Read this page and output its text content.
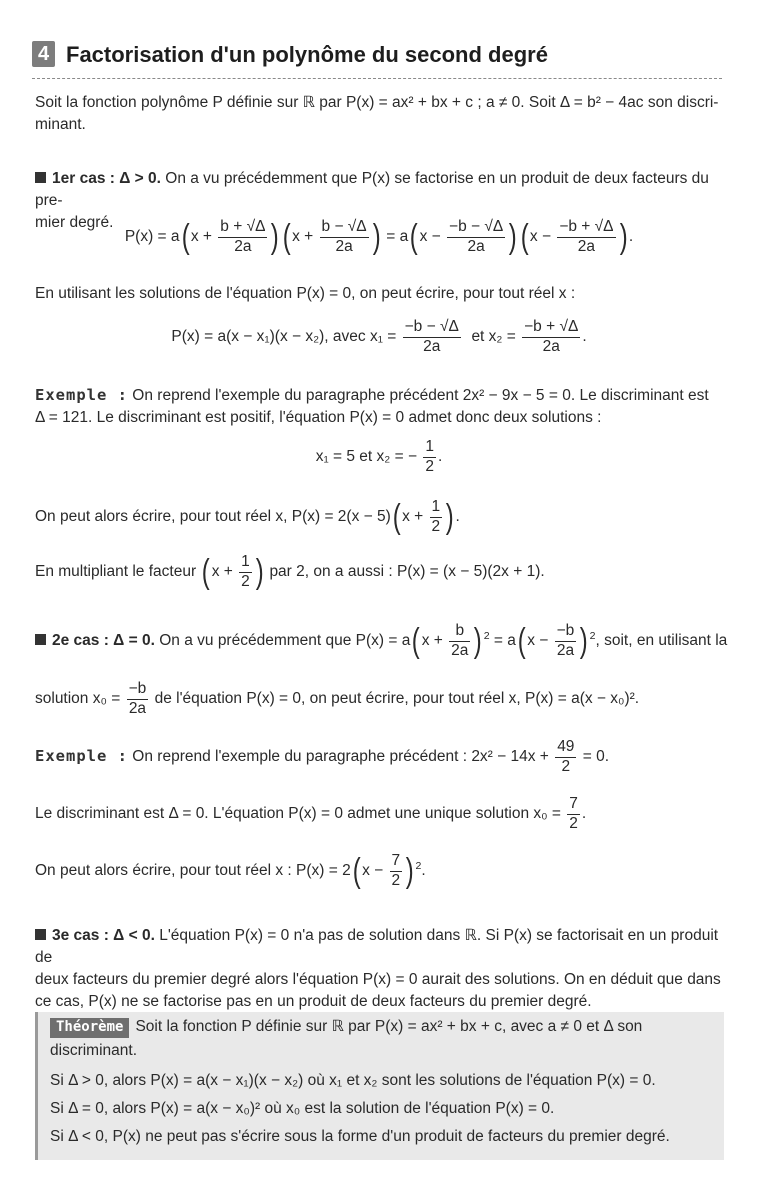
4 Factorisation d'un polynôme du second degré
Soit la fonction polynôme P définie sur ℝ par P(x) = ax² + bx + c ; a ≠ 0. Soit Δ = b² − 4ac son discri-
minant.
1er cas : Δ > 0. On a vu précédemment que P(x) se factorise en un produit de deux facteurs du pre-
mier degré.
P(x) = a( $x + \frac{b + √\Delta}{2a}$ )( $x + \frac{b - √\Delta}{2a}$ ) = a( $x - \frac{-b - √\Delta}{2a}$ )( $x - \frac{-b + √\Delta}{2a}$ ) .
En utilisant les solutions de l'équation P(x) = 0, on peut écrire, pour tout réel x :
P(x) = a(x − x₁)(x − x₂), avec $x_1 = \frac{-b - √\Delta}{2a}$ et $x_2 = \frac{-b + √\Delta}{2a}$ .
Exemple : On reprend l'exemple du paragraphe précédent 2x² − 9x − 5 = 0. Le discriminant est
Δ = 121. Le discriminant est positif, l'équation P(x) = 0 admet donc deux solutions :
x₁ = 5 et x₂ = − $\frac{1}{2}$ .
On peut alors écrire, pour tout réel x, P(x) = 2(x − 5)( $x + \frac{1}{2}$ ) .
En multipliant le facteur ( $x + \frac{1}{2}$ ) par 2, on a aussi : P(x) = (x − 5)(2x + 1).
2e cas : Δ = 0. On a vu précédemment que P(x) = a( $x + \frac{b}{2a}$ ) $^2$ = a( $x - \frac{-b}{2a}$ ) $^2$, soit, en utilisant la
solution $x_0 = \frac{-b}{2a}$ de l'équation P(x) = 0, on peut écrire, pour tout réel x, P(x) = a(x − x₀)².
Exemple : On reprend l'exemple du paragraphe précédent : $2x^2 - 14x + \frac{49}{2} = 0$.
Le discriminant est Δ = 0. L'équation P(x) = 0 admet une unique solution $x_0 = \frac{7}{2}$ .
On peut alors écrire, pour tout réel x : P(x) = 2( $x - \frac{7}{2}$ ) $^2$.
3e cas : Δ < 0. L'équation P(x) = 0 n'a pas de solution dans ℝ. Si P(x) se factorisait en un produit de
deux facteurs du premier degré alors l'équation P(x) = 0 aurait des solutions. On en déduit que dans
ce cas, P(x) ne se factorise pas en un produit de deux facteurs du premier degré.
Théorème Soit la fonction P définie sur ℝ par P(x) = ax² + bx + c, avec a ≠ 0 et Δ son
discriminant.
Si Δ > 0, alors P(x) = a(x − x₁)(x − x₂) où x₁ et x₂ sont les solutions de l'équation P(x) = 0.
Si Δ = 0, alors P(x) = a(x − x₀)² où x₀ est la solution de l'équation P(x) = 0.
Si Δ < 0, P(x) ne peut pas s'écrire sous la forme d'un produit de facteurs du premier degré.
